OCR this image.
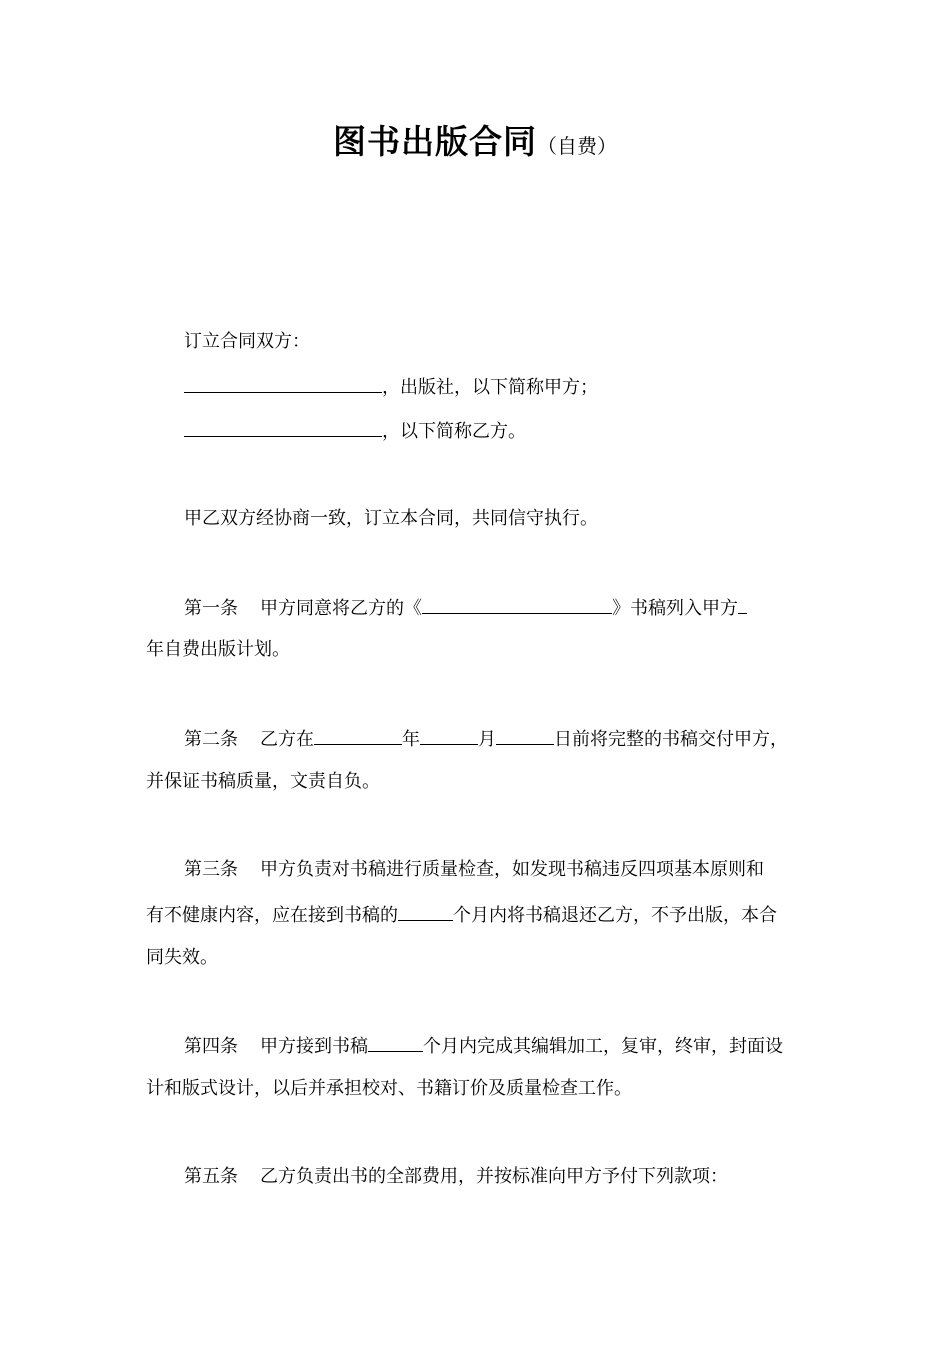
图书出版合同（自费）
订立合同双方：
，出版社，以下简称甲方；
，以下简称乙方。
甲乙双方经协商一致，订立本合同，共同信守执行。
第一条 甲方同意将乙方的《	》书稿列入甲方
年自费出版计划。
第二条 乙方在	年	月	日前将完整的书稿交付甲方，
并保证书稿质量，文责自负。
第三条 甲方负责对书稿进行质量检查，如发现书稿违反四项基本原则和
有不健康内容，应在接到书稿的	个月内将书稿退还乙方，不予出版，本合
同失效。
第四条 甲方接到书稿	个月内完成其编辑加工，复审，终审，封面设
计和版式设计，以后并承担校对、书籍订价及质量检查工作。
第五条 乙方负责出书的全部费用，并按标准向甲方予付下列款项：
